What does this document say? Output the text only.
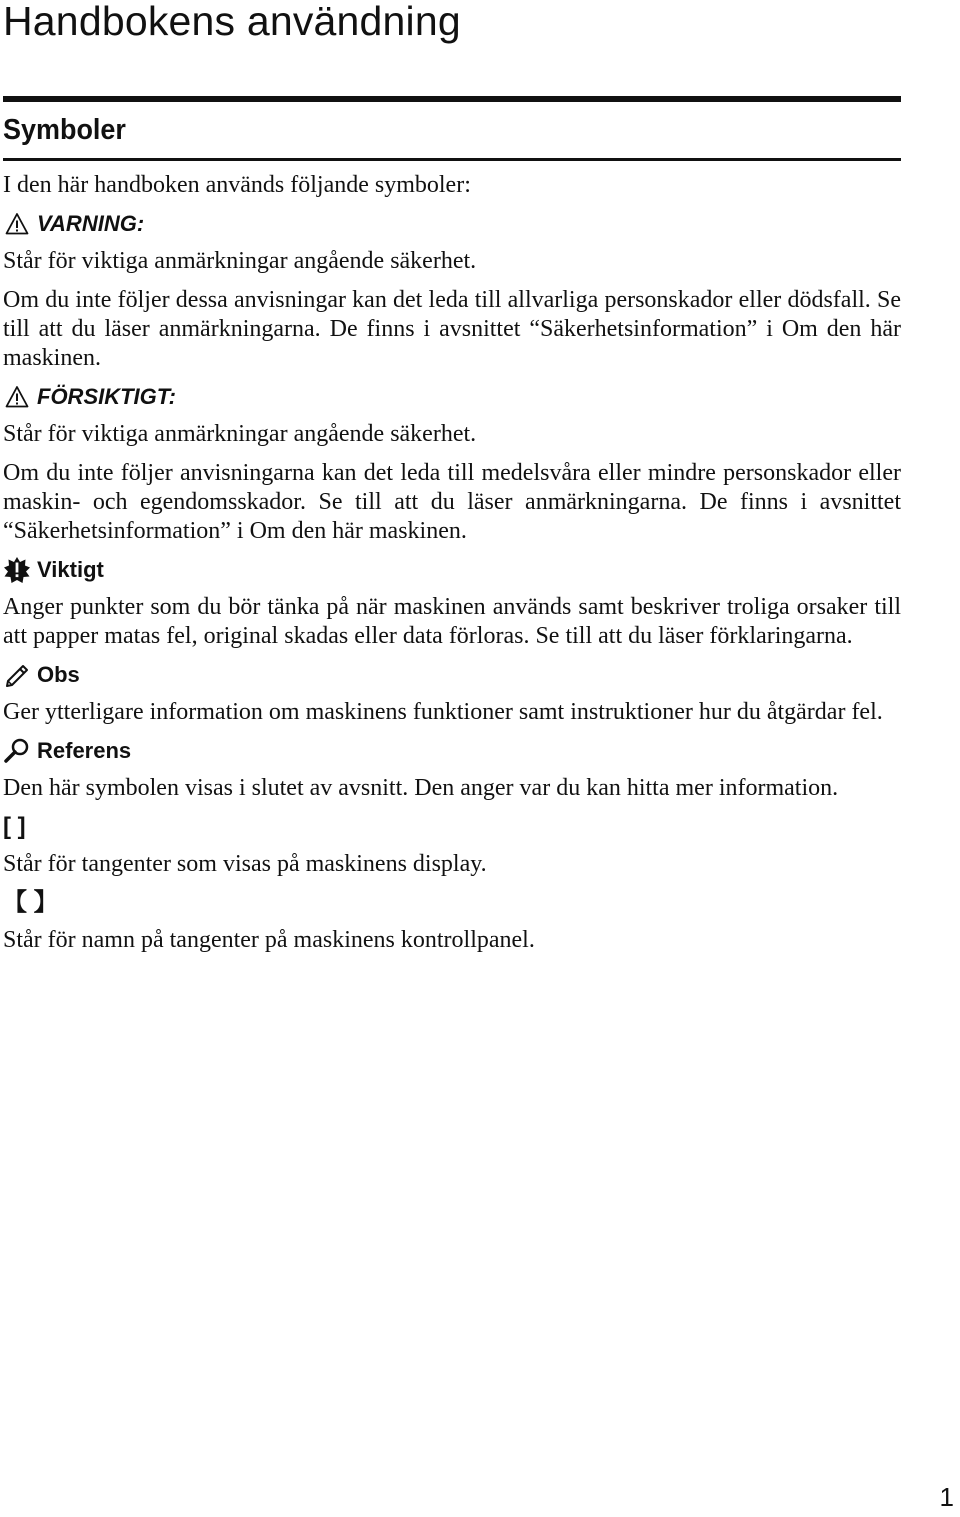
Handbokens användning
Symboler

I den här handboken används följande symboler:

VARNING:

Står för viktiga anmärkningar angående säkerhet.

Om du inte följer dessa anvisningar kan det leda till allvarliga personskador eller dödsfall. Se till att du läser anmärkningarna. De finns i avsnittet “Säkerhetsinformation” i Om den här maskinen.

FÖRSIKTIGT:

Står för viktiga anmärkningar angående säkerhet.

Om du inte följer anvisningarna kan det leda till medelsvåra eller mindre personskador eller maskin- och egendomsskador. Se till att du läser anmärkningarna. De finns i avsnittet “Säkerhetsinformation” i Om den här maskinen.

Viktigt

Anger punkter som du bör tänka på när maskinen används samt beskriver troliga orsaker till att papper matas fel, original skadas eller data förloras. Se till att du läser förklaringarna.

Obs

Ger ytterligare information om maskinens funktioner samt instruktioner hur du åtgärdar fel.

Referens

Den här symbolen visas i slutet av avsnitt. Den anger var du kan hitta mer information.

[ ]

Står för tangenter som visas på maskinens display.

【 】

Står för namn på tangenter på maskinens kontrollpanel.

1
